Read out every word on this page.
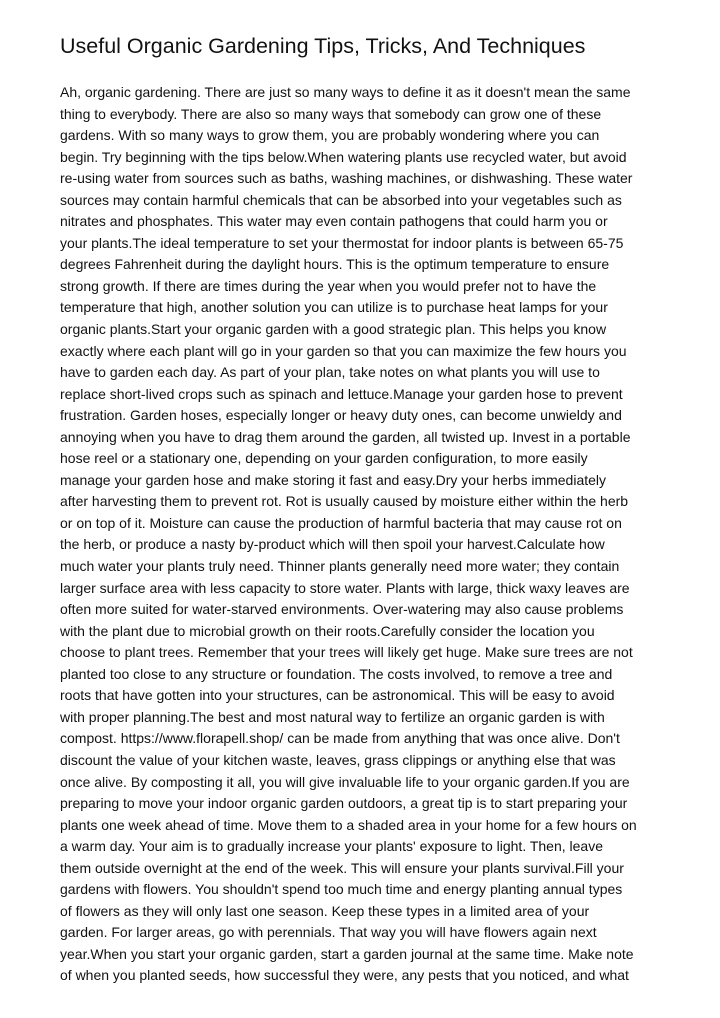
Useful Organic Gardening Tips, Tricks, And Techniques
Ah, organic gardening. There are just so many ways to define it as it doesn't mean the same
thing to everybody. There are also so many ways that somebody can grow one of these
gardens. With so many ways to grow them, you are probably wondering where you can
begin. Try beginning with the tips below.When watering plants use recycled water, but avoid
re-using water from sources such as baths, washing machines, or dishwashing. These water
sources may contain harmful chemicals that can be absorbed into your vegetables such as
nitrates and phosphates. This water may even contain pathogens that could harm you or
your plants.The ideal temperature to set your thermostat for indoor plants is between 65-75
degrees Fahrenheit during the daylight hours. This is the optimum temperature to ensure
strong growth. If there are times during the year when you would prefer not to have the
temperature that high, another solution you can utilize is to purchase heat lamps for your
organic plants.Start your organic garden with a good strategic plan. This helps you know
exactly where each plant will go in your garden so that you can maximize the few hours you
have to garden each day. As part of your plan, take notes on what plants you will use to
replace short-lived crops such as spinach and lettuce.Manage your garden hose to prevent
frustration. Garden hoses, especially longer or heavy duty ones, can become unwieldy and
annoying when you have to drag them around the garden, all twisted up. Invest in a portable
hose reel or a stationary one, depending on your garden configuration, to more easily
manage your garden hose and make storing it fast and easy.Dry your herbs immediately
after harvesting them to prevent rot. Rot is usually caused by moisture either within the herb
or on top of it. Moisture can cause the production of harmful bacteria that may cause rot on
the herb, or produce a nasty by-product which will then spoil your harvest.Calculate how
much water your plants truly need. Thinner plants generally need more water; they contain
larger surface area with less capacity to store water. Plants with large, thick waxy leaves are
often more suited for water-starved environments. Over-watering may also cause problems
with the plant due to microbial growth on their roots.Carefully consider the location you
choose to plant trees. Remember that your trees will likely get huge. Make sure trees are not
planted too close to any structure or foundation. The costs involved, to remove a tree and
roots that have gotten into your structures, can be astronomical. This will be easy to avoid
with proper planning.The best and most natural way to fertilize an organic garden is with
compost. https://www.florapell.shop/ can be made from anything that was once alive. Don't
discount the value of your kitchen waste, leaves, grass clippings or anything else that was
once alive. By composting it all, you will give invaluable life to your organic garden.If you are
preparing to move your indoor organic garden outdoors, a great tip is to start preparing your
plants one week ahead of time. Move them to a shaded area in your home for a few hours on
a warm day. Your aim is to gradually increase your plants' exposure to light. Then, leave
them outside overnight at the end of the week. This will ensure your plants survival.Fill your
gardens with flowers. You shouldn't spend too much time and energy planting annual types
of flowers as they will only last one season. Keep these types in a limited area of your
garden. For larger areas, go with perennials. That way you will have flowers again next
year.When you start your organic garden, start a garden journal at the same time. Make note
of when you planted seeds, how successful they were, any pests that you noticed, and what
